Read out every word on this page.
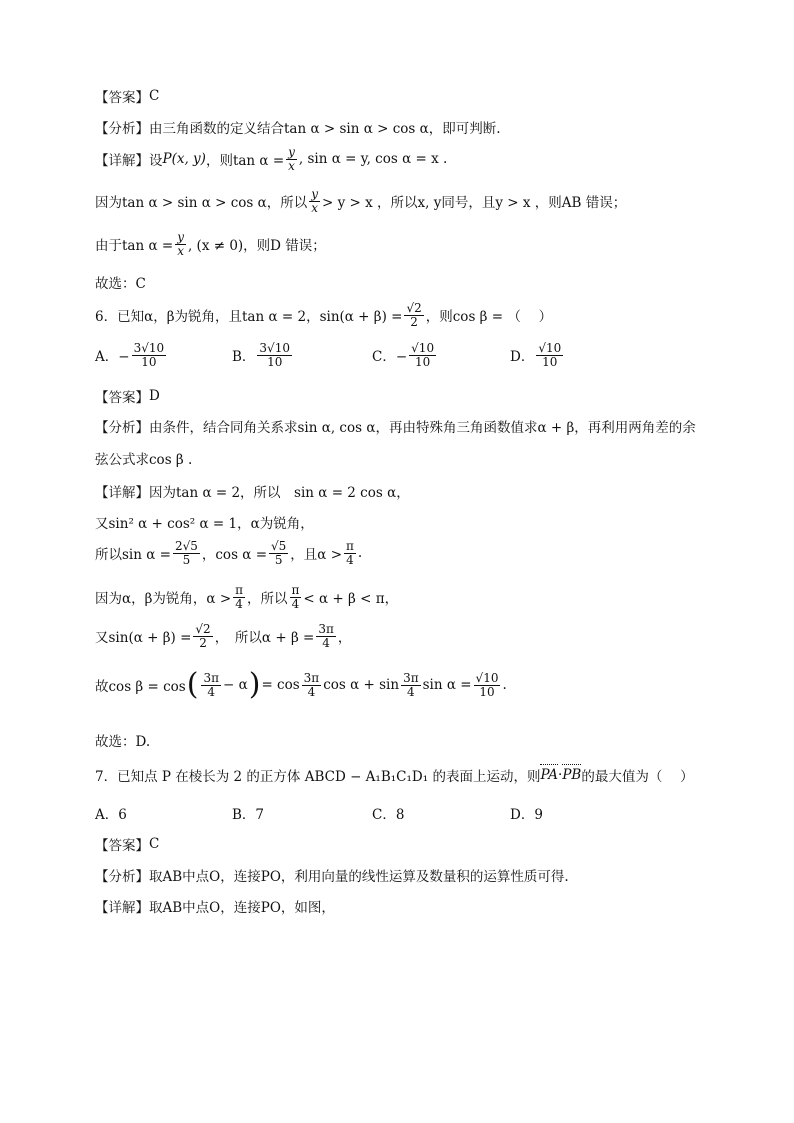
【答案】 C
【分析】 由三角函数的定义结合tan α > sin α > cos α，即可判断.
【详解】 设 P(x, y) ，则$\tan \alpha = \frac{y}{x}$ , sin α = y, cos α = x .
因为tan α > sin α > cos α，所以
y
x > y > x ，所以x, y同号，且y > x ，则AB 错误；
由于$\tan \alpha = \frac{y}{x}$ , (x ≠ 0)，则D 错误；
故选：C
6．已知α，β为锐角，且tan α = 2，$\sin(\alpha + \beta) = \frac{√2}{2}$ ，则cos β = （　 ）
A．− $\frac{3√10}{10}$	B．
3√10
10	C．− $\frac{√10}{10}$	D．
√10
10
【答案】 D
【分析】 由条件，结合同角关系求sin α, cos α，再由特殊角三角函数值求α + β，再利用两角差的余
弦公式求cos β .
【详解】 因为tan α = 2，所以　sin α = 2 cos α，
又sin² α + cos² α = 1，α为锐角，
所以$\sin \alpha = \frac{2√5}{5}$ ，$\cos \alpha = \frac{√5}{5}$ ，且α >
π
4 .
因为α，β为锐角，α >
π
4 ，所以
π
4 < α + β < π，
又$\sin(\alpha + \beta) = \frac{√2}{2}$ ，　所以$\alpha + \beta = \frac{3\pi}{4}$ ，
故cos β = cos ( 3π
4 − α ) = cos 3π
4 cos α + sin 3π
4 $\sin \alpha = \frac{√10}{10}$ .
故选：D.
7．已知点 P 在棱长为 2 的正方体 ABCD − A₁B₁C₁D₁ 的表面上运动，则 PA · PB 的最大值为（　 ）
A．6	B．7	C．8	D．9
【答案】 C
【分析】 取AB中点O，连接PO，利用向量的线性运算及数量积的运算性质可得.
【详解】 取AB中点O，连接PO，如图，
